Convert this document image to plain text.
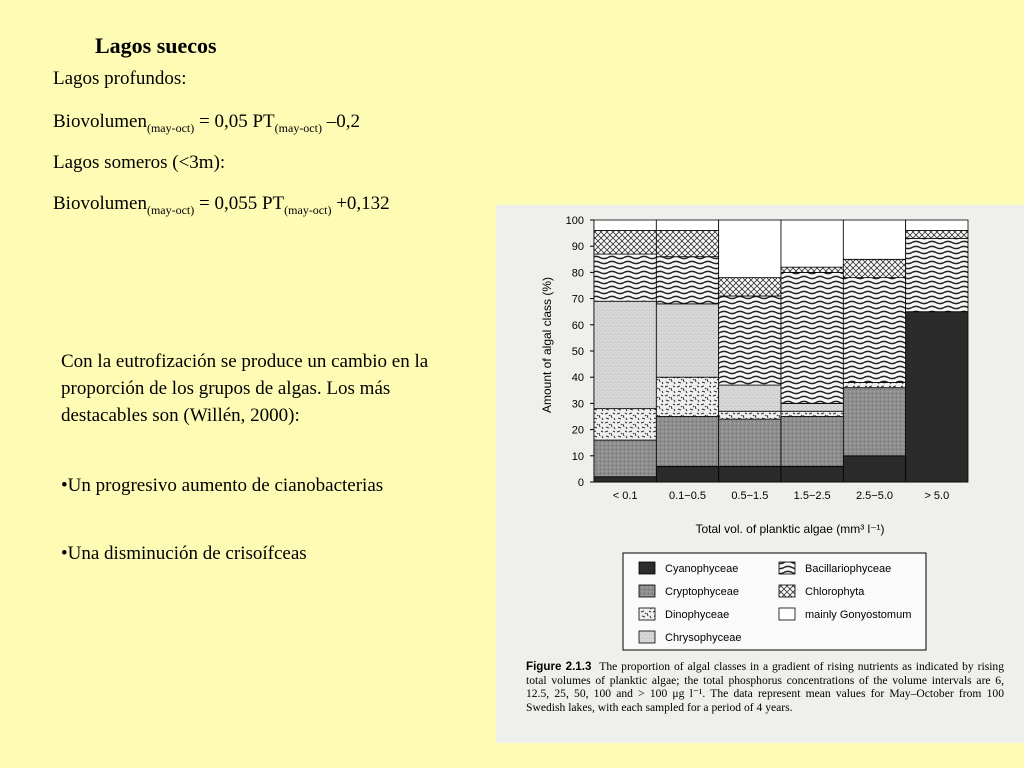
Lagos suecos
Lagos profundos:
Biovolumen$_{(may-oct)}$ = 0,05 $PT_{(may-oct)}$ –0,2
Lagos someros (<3m):
Biovolumen$_{(may-oct)}$ = 0,055 $PT_{(may-oct)} +0,132$
Con la eutrofización se produce un cambio en la proporción de los grupos de algas. Los más destacables son (Willén, 2000):
•Un progresivo aumento de cianobacterias
•Una disminución de crisoífceas
0
10
20
30
40
50
60
70
80
90
100
< 0.1	0.1−0.5 0.5−1.5 1.5−2.5 2.5−5.0	> 5.0
Amount of algal class (%)
Total vol. of planktic algae (mm³ l⁻¹)
Cyanophyceae	Bacillariophyceae
Cryptophyceae	Chlorophyta
Dinophyceae	mainly Gonyostomum
Chrysophyceae
Figure 2.1.3 The proportion of algal classes in a gradient of rising nutrients as indicated by rising total volumes of planktic algae; the total phosphorus concentrations of the volume intervals are 6, 12.5, 25, 50, 100 and > 100 μg l⁻¹. The data represent mean values for May–October from 100 Swedish lakes, with each sampled for a period of 4 years.
